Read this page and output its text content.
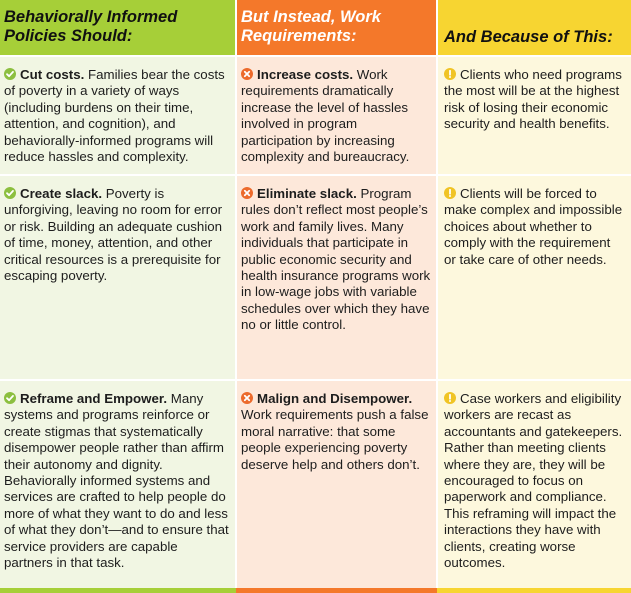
Behaviorally Informed Policies Should:
But Instead, Work Requirements:	And Because of This:
Cut costs. Families bear the costs of poverty in a variety of ways (including burdens on their time, attention, and cognition), and behaviorally-informed programs will reduce hassles and complexity.
Increase costs. Work requirements dramatically increase the level of hassles involved in program participation by increasing complexity and bureaucracy.
Clients who need programs the most will be at the highest risk of losing their economic security and health benefits.
Create slack. Poverty is unforgiving, leaving no room for error or risk. Building an adequate cushion of time, money, attention, and other critical resources is a prerequisite for escaping poverty.
Eliminate slack. Program rules don’t reflect most people’s work and family lives. Many individuals that participate in public economic security and health insurance programs work in low-wage jobs with variable schedules over which they have no or little control.
Clients will be forced to make complex and impossible choices about whether to comply with the requirement or take care of other needs.
Reframe and Empower. Many systems and programs reinforce or create stigmas that systematically disempower people rather than affirm their autonomy and dignity. Behaviorally informed systems and services are crafted to help people do more of what they want to do and less of what they don’t—and to ensure that service providers are capable partners in that task.
Malign and Disempower. Work requirements push a false moral narrative: that some people experiencing poverty deserve help and others don’t.
Case workers and eligibility workers are recast as accountants and gatekeepers. Rather than meeting clients where they are, they will be encouraged to focus on paperwork and compliance. This reframing will impact the interactions they have with clients, creating worse outcomes.
